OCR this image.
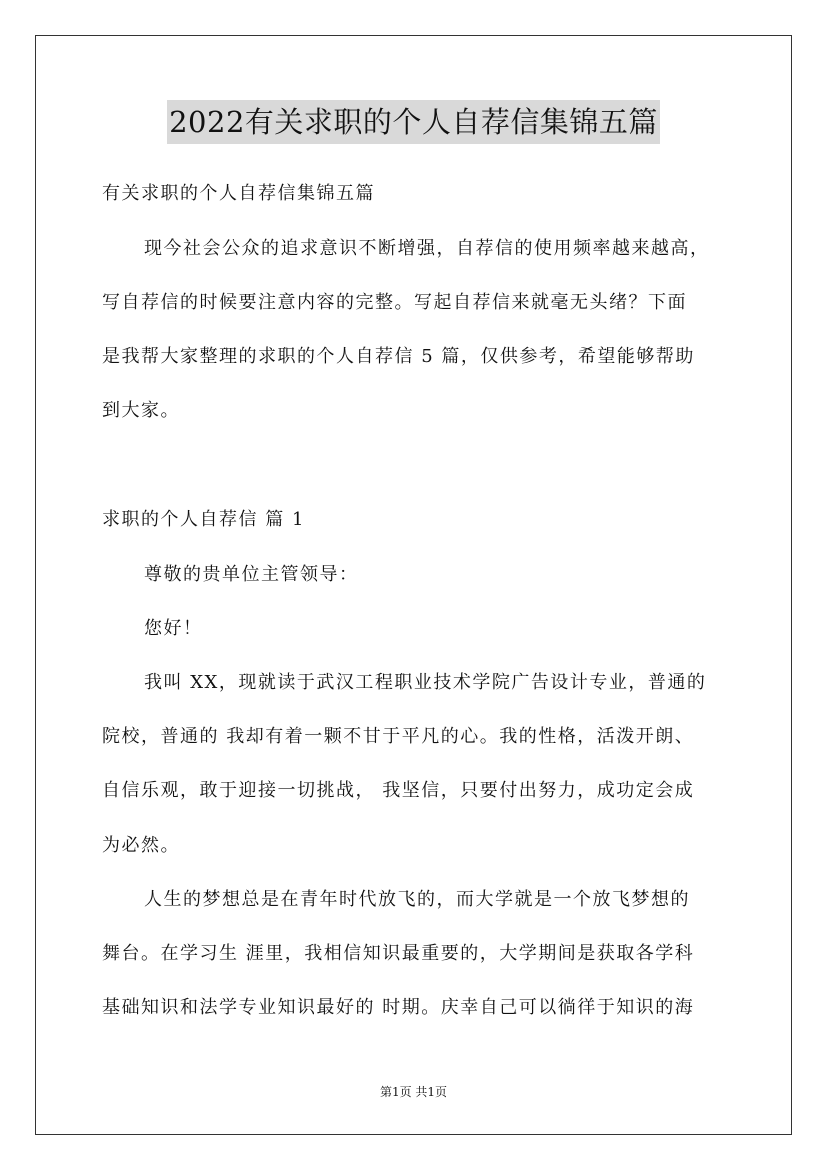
2022有关求职的个人自荐信集锦五篇
有关求职的个人自荐信集锦五篇
现今社会公众的追求意识不断增强，自荐信的使用频率越来越高，
写自荐信的时候要注意内容的完整。写起自荐信来就毫无头绪？下面
是我帮大家整理的求职的个人自荐信 5 篇，仅供参考，希望能够帮助
到大家。
求职的个人自荐信 篇 1
尊敬的贵单位主管领导：
您好！
我叫 XX，现就读于武汉工程职业技术学院广告设计专业，普通的
院校，普通的 我却有着一颗不甘于平凡的心。我的性格，活泼开朗、
自信乐观，敢于迎接一切挑战， 我坚信，只要付出努力，成功定会成
为必然。
人生的梦想总是在青年时代放飞的，而大学就是一个放飞梦想的
舞台。在学习生 涯里，我相信知识最重要的，大学期间是获取各学科
基础知识和法学专业知识最好的 时期。庆幸自己可以徜徉于知识的海
第1页 共1页
